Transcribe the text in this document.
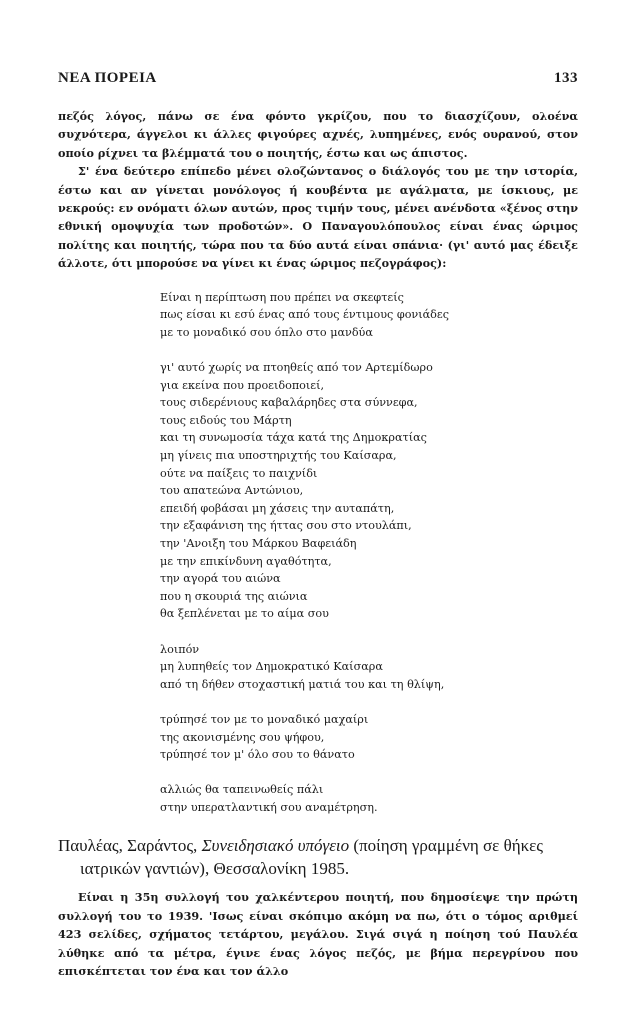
ΝΕΑ ΠΟΡΕΙΑ	133

πεζός λόγος, πάνω σε ένα φόντο γκρίζου, που το διασχίζουν, ολοένα συχνότερα, άγγελοι κι άλλες φιγούρες αχνές, λυπημένες, ενός ουρανού, στον οποίο ρίχνει τα βλέμματά του ο ποιητής, έστω και ως άπιστος.

Σ' ένα δεύτερο επίπεδο μένει ολοζώντανος ο διάλογός του με την ιστορία, έστω και αν γίνεται μονόλογος ή κουβέντα με αγάλματα, με ίσκιους, με νεκρούς: εν ονόματι όλων αυτών, προς τιμήν τους, μένει ανένδοτα «ξένος στην εθνική ομοψυχία των προδοτών». Ο Παναγουλόπουλος είναι ένας ώριμος πολίτης και ποιητής, τώρα που τα δύο αυτά είναι σπάνια· (γι' αυτό μας έδειξε άλλοτε, ότι μπορούσε να γίνει κι ένας ώριμος πεζογράφος):

Είναι η περίπτωση που πρέπει να σκεφτείς
πως είσαι κι εσύ ένας από τους έντιμους φονιάδες
με το μοναδικό σου όπλο στο μανδύα
γι' αυτό χωρίς να πτοηθείς από τον Αρτεμίδωρο
για εκείνα που προειδοποιεί,
τους σιδερένιους καβαλάρηδες στα σύννεφα,
τους ειδούς του Μάρτη
και τη συνωμοσία τάχα κατά της Δημοκρατίας
μη γίνεις πια υποστηριχτής του Καίσαρα,
ούτε να παίξεις το παιχνίδι
του απατεώνα Αντώνιου,
επειδή φοβάσαι μη χάσεις την αυταπάτη,
την εξαφάνιση της ήττας σου στο ντουλάπι,
την 'Ανοιξη του Μάρκου Βαφειάδη
με την επικίνδυνη αγαθότητα,
την αγορά του αιώνα
που η σκουριά της αιώνια
θα ξεπλένεται με το αίμα σου
λοιπόν
μη λυπηθείς τον Δημοκρατικό Καίσαρα
από τη δήθεν στοχαστική ματιά του και τη θλίψη,
τρύπησέ τον με το μοναδικό μαχαίρι
της ακονισμένης σου ψήφου,
τρύπησέ τον μ' όλο σου το θάνατο
αλλιώς θα ταπεινωθείς πάλι
στην υπερατλαντική σου αναμέτρηση.
Παυλέας, Σαράντος, Συνειδησιακό υπόγειο (ποίηση γραμμένη σε θήκες
ιατρικών γαντιών), Θεσσαλονίκη 1985.

Είναι η 35η συλλογή του χαλκέντερου ποιητή, που δημοσίεψε την πρώτη συλλογή του το 1939. 'Ισως είναι σκόπιμο ακόμη να πω, ότι ο τόμος αριθμεί 423 σελίδες, σχήματος τετάρτου, μεγάλου. Σιγά σιγά η ποίηση τού Παυλέα λύθηκε από τα μέτρα, έγινε ένας λόγος πεζός, με βήμα περεγρίνου που επισκέπτεται τον ένα και τον άλλο
